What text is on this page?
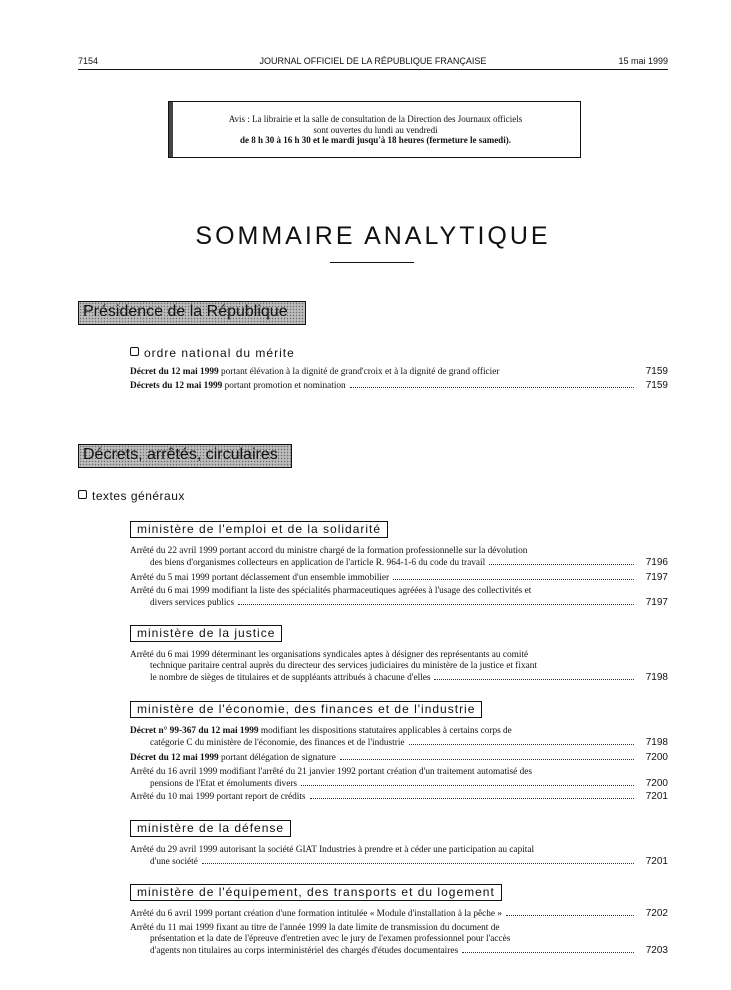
7154	JOURNAL OFFICIEL DE LA RÉPUBLIQUE FRANÇAISE	15 mai 1999
Avis : La librairie et la salle de consultation de la Direction des Journaux officiels
sont ouvertes du lundi au vendredi
de 8 h 30 à 16 h 30 et le mardi jusqu'à 18 heures (fermeture le samedi).
SOMMAIRE ANALYTIQUE
Présidence de la République
ordre national du mérite
Décret du 12 mai 1999 portant élévation à la dignité de grand'croix et à la dignité de grand officier	7159
Décrets du 12 mai 1999 portant promotion et nomination	7159
Décrets, arrêtés, circulaires
textes généraux
ministère de l'emploi et de la solidarité
Arrêté du 22 avril 1999 portant accord du ministre chargé de la formation professionnelle sur la dévolution
des biens d'organismes collecteurs en application de l'article R. 964-1-6 du code du travail	7196
Arrêté du 5 mai 1999 portant déclassement d'un ensemble immobilier	7197
Arrêté du 6 mai 1999 modifiant la liste des spécialités pharmaceutiques agréées à l'usage des collectivités et
divers services publics	7197
ministère de la justice
Arrêté du 6 mai 1999 déterminant les organisations syndicales aptes à désigner des représentants au comité
technique paritaire central auprès du directeur des services judiciaires du ministère de la justice et fixant
le nombre de sièges de titulaires et de suppléants attribués à chacune d'elles	7198
ministère de l'économie, des finances et de l'industrie
Décret n° 99-367 du 12 mai 1999 modifiant les dispositions statutaires applicables à certains corps de
catégorie C du ministère de l'économie, des finances et de l'industrie	7198
Décret du 12 mai 1999 portant délégation de signature	7200
Arrêté du 16 avril 1999 modifiant l'arrêté du 21 janvier 1992 portant création d'un traitement automatisé des
pensions de l'Etat et émoluments divers	7200
Arrêté du 10 mai 1999 portant report de crédits	7201
ministère de la défense
Arrêté du 29 avril 1999 autorisant la société GIAT Industries à prendre et à céder une participation au capital
d'une société	7201
ministère de l'équipement, des transports et du logement
Arrêté du 6 avril 1999 portant création d'une formation intitulée « Module d'installation à la pêche »	7202
Arrêté du 11 mai 1999 fixant au titre de l'année 1999 la date limite de transmission du document de
présentation et la date de l'épreuve d'entretien avec le jury de l'examen professionnel pour l'accès
d'agents non titulaires au corps interministériel des chargés d'études documentaires	7203
